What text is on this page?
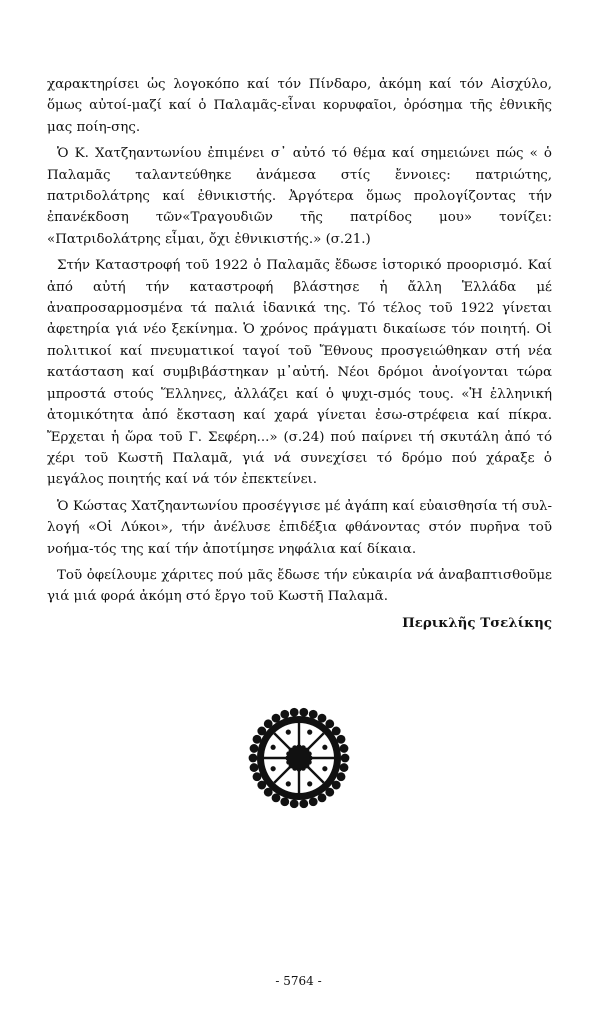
χαρακτηρίσει ὡς λογοκόπο καί τόν Πίνδαρο, ἀκόμη καί τόν Αἰσχύλο, ὅμως αὐτοί-μαζί καί ὁ Παλαμᾶς-εἶναι κορυφαῖοι, ὀρόσημα τῆς ἐθνικῆς μας ποίη-σης.

Ὁ Κ. Χατζηαντωνίου ἐπιμένει σ᾽ αὐτό τό θέμα καί σημειώνει πώς « ὁ Παλαμᾶς ταλαντεύθηκε ἀνάμεσα στίς ἔννοιες: πατριώτης, πατριδολάτρης καί ἐθνικιστής. Ἀργότερα ὅμως προλογίζοντας τήν ἐπανέκδοση τῶν«Τραγουδιῶν τῆς πατρίδος μου» τονίζει: «Πατριδολάτρης εἶμαι, ὄχι ἐθνικιστής.» (σ.21.)

Στήν Καταστροφή τοῦ 1922 ὁ Παλαμᾶς ἔδωσε ἱστορικό προορισμό. Καί ἀπό αὐτή τήν καταστροφή βλάστησε ἡ ἄλλη Ἑλλάδα μέ ἀναπροσαρμοσμένα τά παλιά ἰδανικά της. Τό τέλος τοῦ 1922 γίνεται ἀφετηρία γιά νέο ξεκίνημα. Ὁ χρόνος πράγματι δικαίωσε τόν ποιητή. Οἱ πολιτικοί καί πνευματικοί ταγοί τοῦ Ἔθνους προσγειώθηκαν στή νέα κατάσταση καί συμβιβάστηκαν μ᾽αὐτή. Νέοι δρόμοι ἀνοίγονται τώρα μπροστά στούς Ἕλληνες, ἀλλάζει καί ὁ ψυχι-σμός τους. «Ἡ ἑλληνική ἀτομικότητα ἀπό ἔκσταση καί χαρά γίνεται ἐσω-στρέφεια καί πίκρα. Ἔρχεται ἡ ὥρα τοῦ Γ. Σεφέρη...» (σ.24) πού παίρνει τή σκυτάλη ἀπό τό χέρι τοῦ Κωστῆ Παλαμᾶ, γιά νά συνεχίσει τό δρόμο πού χάραξε ὁ μεγάλος ποιητής καί νά τόν ἐπεκτείνει.

Ὁ Κώστας Χατζηαντωνίου προσέγγισε μέ ἀγάπη καί εὐαισθησία τή συλ-λογή «Οἱ Λύκοι», τήν ἀνέλυσε ἐπιδέξια φθάνοντας στόν πυρῆνα τοῦ νοήμα-τός της καί τήν ἀποτίμησε νηφάλια καί δίκαια.

Τοῦ ὀφείλουμε χάριτες πού μᾶς ἔδωσε τήν εὐκαιρία νά ἀναβαπτισθοῦμε γιά μιά φορά ἀκόμη στό ἔργο τοῦ Κωστῆ Παλαμᾶ.

Περικλῆς Τσελίκης
- 5764 -
